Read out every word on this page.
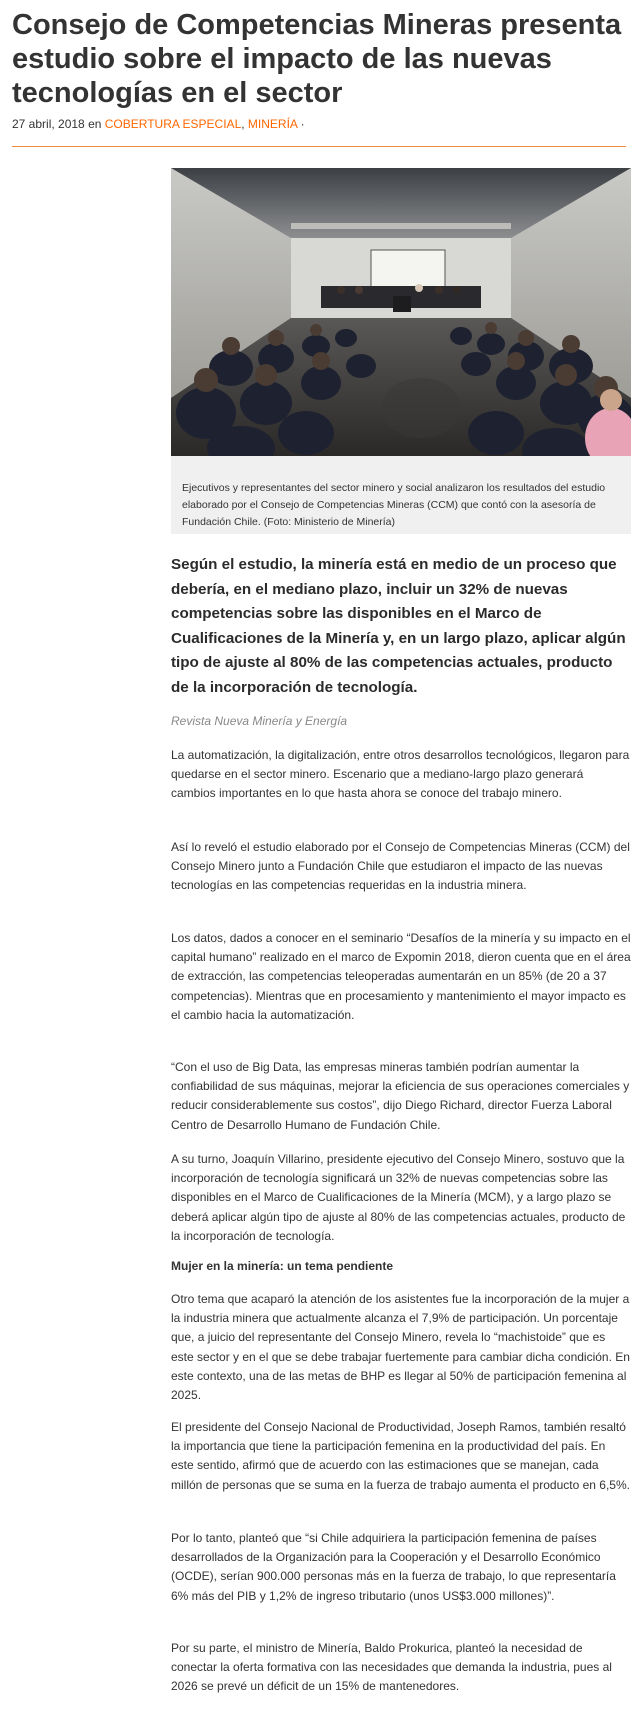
Consejo de Competencias Mineras presenta estudio sobre el impacto de las nuevas tecnologías en el sector
27 abril, 2018 en COBERTURA ESPECIAL, MINERÍA ·
Ejecutivos y representantes del sector minero y social analizaron los resultados del estudio elaborado por el Consejo de Competencias Mineras (CCM) que contó con la asesoría de Fundación Chile. (Foto: Ministerio de Minería)

Según el estudio, la minería está en medio de un proceso que debería, en el mediano plazo, incluir un 32% de nuevas competencias sobre las disponibles en el Marco de Cualificaciones de la Minería y, en un largo plazo, aplicar algún tipo de ajuste al 80% de las competencias actuales, producto de la incorporación de tecnología.

Revista Nueva Minería y Energía

La automatización, la digitalización, entre otros desarrollos tecnológicos, llegaron para quedarse en el sector minero. Escenario que a mediano-largo plazo generará cambios importantes en lo que hasta ahora se conoce del trabajo minero.

Así lo reveló el estudio elaborado por el Consejo de Competencias Mineras (CCM) del Consejo Minero junto a Fundación Chile que estudiaron el impacto de las nuevas tecnologías en las competencias requeridas en la industria minera.

Los datos, dados a conocer en el seminario “Desafíos de la minería y su impacto en el capital humano” realizado en el marco de Expomin 2018, dieron cuenta que en el área de extracción, las competencias teleoperadas aumentarán en un 85% (de 20 a 37 competencias). Mientras que en procesamiento y mantenimiento el mayor impacto es el cambio hacia la automatización.

“Con el uso de Big Data, las empresas mineras también podrían aumentar la confiabilidad de sus máquinas, mejorar la eficiencia de sus operaciones comerciales y reducir considerablemente sus costos”, dijo Diego Richard, director Fuerza Laboral Centro de Desarrollo Humano de Fundación Chile.

A su turno, Joaquín Villarino, presidente ejecutivo del Consejo Minero, sostuvo que la incorporación de tecnología significará un 32% de nuevas competencias sobre las disponibles en el Marco de Cualificaciones de la Minería (MCM), y a largo plazo se deberá aplicar algún tipo de ajuste al 80% de las competencias actuales, producto de la incorporación de tecnología.

Mujer en la minería: un tema pendiente

Otro tema que acaparó la atención de los asistentes fue la incorporación de la mujer a la industria minera que actualmente alcanza el 7,9% de participación. Un porcentaje que, a juicio del representante del Consejo Minero, revela lo “machistoide” que es este sector y en el que se debe trabajar fuertemente para cambiar dicha condición. En este contexto, una de las metas de BHP es llegar al 50% de participación femenina al 2025.

El presidente del Consejo Nacional de Productividad, Joseph Ramos, también resaltó la importancia que tiene la participación femenina en la productividad del país. En este sentido, afirmó que de acuerdo con las estimaciones que se manejan, cada millón de personas que se suma en la fuerza de trabajo aumenta el producto en 6,5%.

Por lo tanto, planteó que “si Chile adquiriera la participación femenina de países desarrollados de la Organización para la Cooperación y el Desarrollo Económico (OCDE), serían 900.000 personas más en la fuerza de trabajo, lo que representaría 6% más del PIB y 1,2% de ingreso tributario (unos US$3.000 millones)”.

Por su parte, el ministro de Minería, Baldo Prokurica, planteó la necesidad de conectar la oferta formativa con las necesidades que demanda la industria, pues al 2026 se prevé un déficit de un 15% de mantenedores.
